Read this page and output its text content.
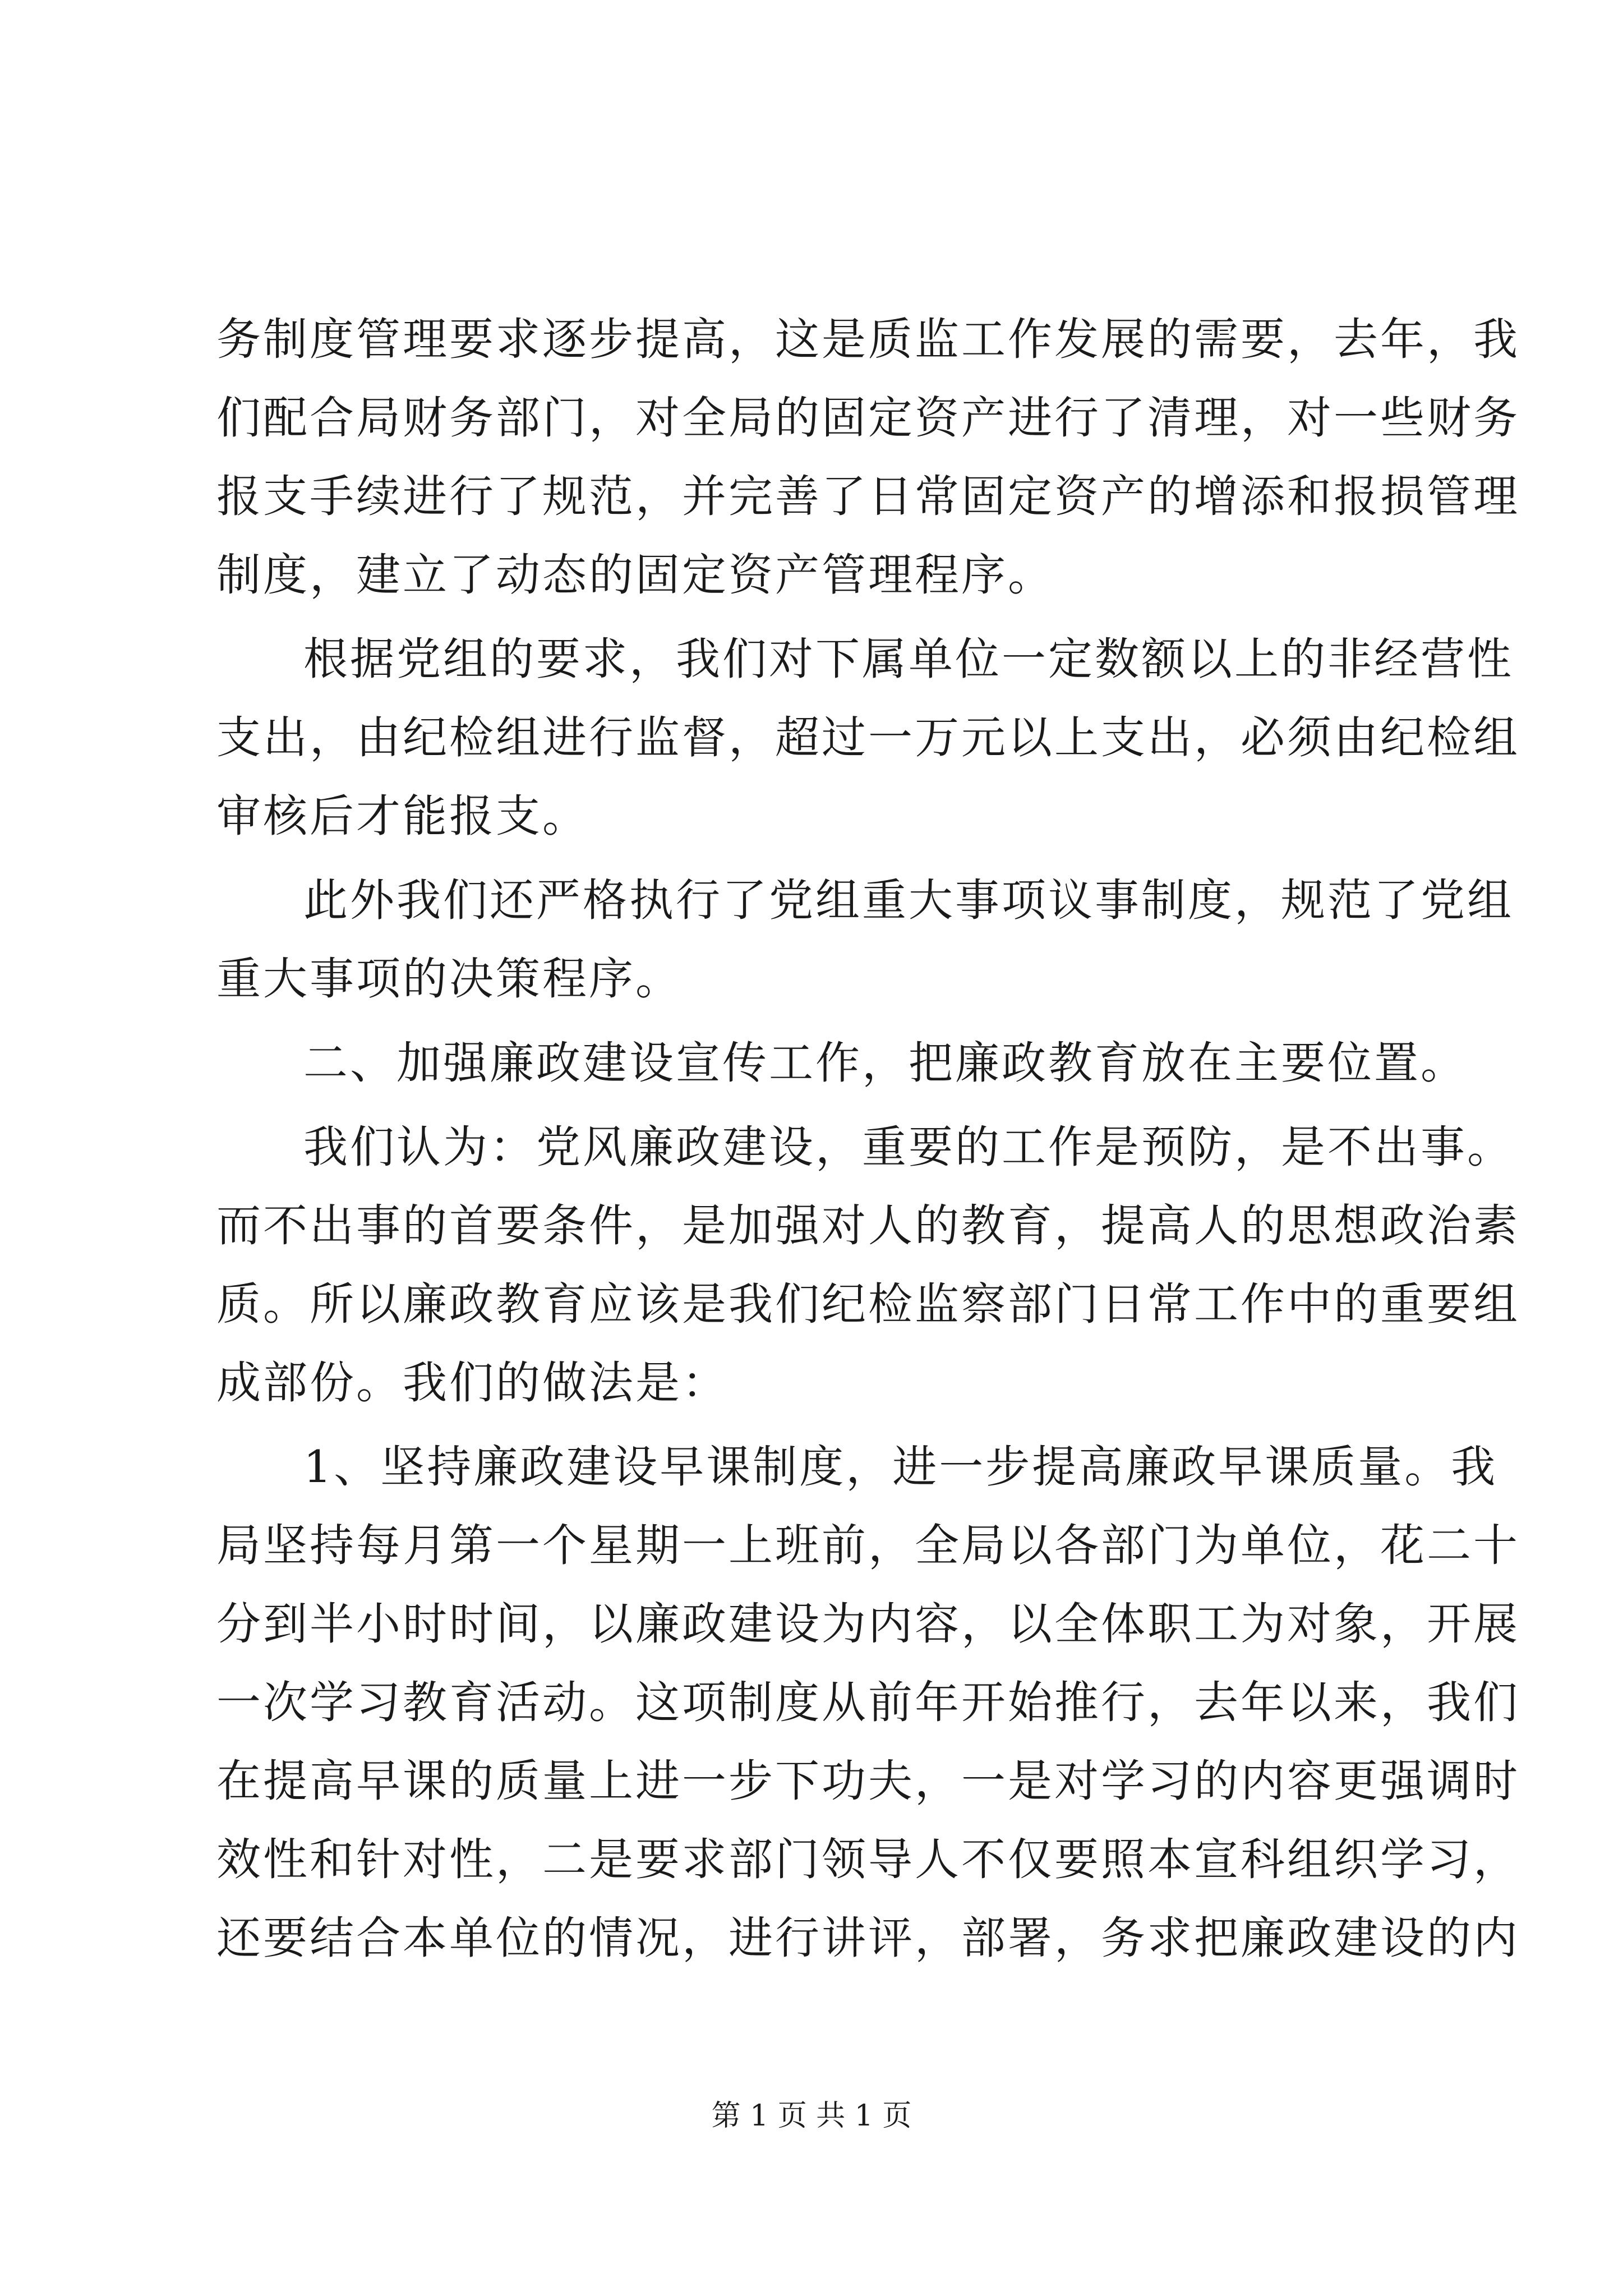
务制度管理要求逐步提高，这是质监工作发展的需要，去年，我
们配合局财务部门，对全局的固定资产进行了清理，对一些财务
报支手续进行了规范，并完善了日常固定资产的增添和报损管理
制度，建立了动态的固定资产管理程序。
根据党组的要求，我们对下属单位一定数额以上的非经营性
支出，由纪检组进行监督，超过一万元以上支出，必须由纪检组
审核后才能报支。
此外我们还严格执行了党组重大事项议事制度，规范了党组
重大事项的决策程序。
二、加强廉政建设宣传工作，把廉政教育放在主要位置。
我们认为：党风廉政建设，重要的工作是预防，是不出事。
而不出事的首要条件，是加强对人的教育，提高人的思想政治素
质。所以廉政教育应该是我们纪检监察部门日常工作中的重要组
成部份。我们的做法是：
1、坚持廉政建设早课制度，进一步提高廉政早课质量。我
局坚持每月第一个星期一上班前，全局以各部门为单位，花二十
分到半小时时间，以廉政建设为内容，以全体职工为对象，开展
一次学习教育活动。这项制度从前年开始推行，去年以来，我们
在提高早课的质量上进一步下功夫，一是对学习的内容更强调时
效性和针对性，二是要求部门领导人不仅要照本宣科组织学习，
还要结合本单位的情况，进行讲评，部署，务求把廉政建设的内
第 1 页 共 1 页
